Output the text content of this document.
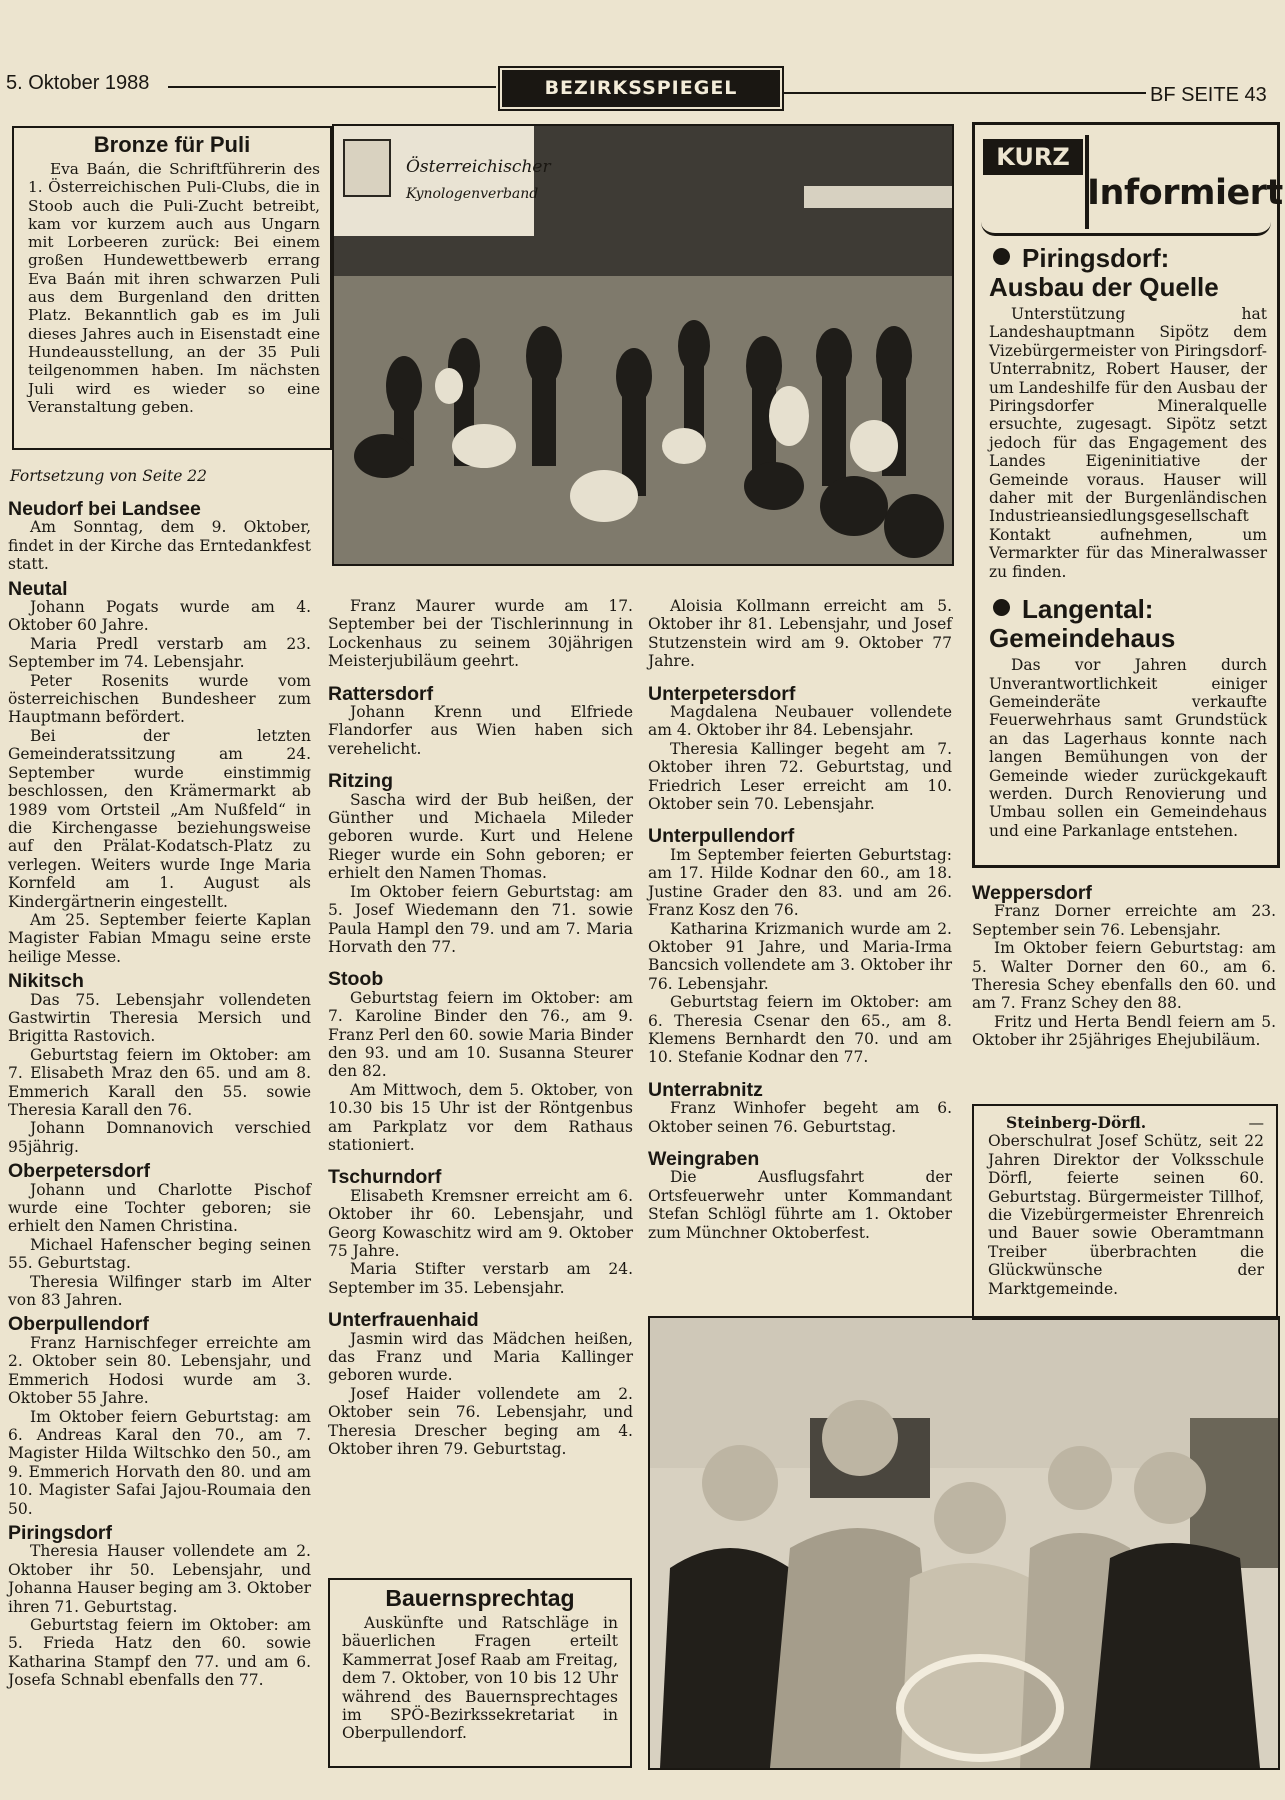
5. Oktober 1988	BEZIRKSSPIEGEL	BF SEITE 43
Bronze für Puli

Eva Baán, die Schriftführerin des 1. Österreichischen Puli-Clubs, die in Stoob auch die Puli-Zucht betreibt, kam vor kurzem auch aus Ungarn mit Lorbeeren zurück: Bei einem großen Hundewettbewerb errang Eva Baán mit ihren schwarzen Puli aus dem Burgenland den dritten Platz. Bekanntlich gab es im Juli dieses Jahres auch in Eisenstadt eine Hundeausstellung, an der 35 Puli teilgenommen haben. Im nächsten Juli wird es wieder so eine Veranstaltung geben.

Österreichischer
Kynologenverband
Fortsetzung von Seite 22
Neudorf bei Landsee

Am Sonntag, dem 9. Oktober, findet in der Kirche das Erntedankfest statt.

Neutal

Johann Pogats wurde am 4. Oktober 60 Jahre.

Maria Predl verstarb am 23. September im 74. Lebensjahr.

Peter Rosenits wurde vom österreichischen Bundesheer zum Hauptmann befördert.

Bei der letzten Gemeinderatssitzung am 24. September wurde einstimmig beschlossen, den Krämermarkt ab 1989 vom Ortsteil „Am Nußfeld“ in die Kirchengasse beziehungsweise auf den Prälat-Kodatsch-Platz zu verlegen. Weiters wurde Inge Maria Kornfeld am 1. August als Kindergärtnerin eingestellt.

Am 25. September feierte Kaplan Magister Fabian Mmagu seine erste heilige Messe.

Nikitsch

Das 75. Lebensjahr vollendeten Gastwirtin Theresia Mersich und Brigitta Rastovich.

Geburtstag feiern im Oktober: am 7. Elisabeth Mraz den 65. und am 8. Emmerich Karall den 55. sowie Theresia Karall den 76.

Johann Domnanovich verschied 95jährig.

Oberpetersdorf

Johann und Charlotte Pischof wurde eine Tochter geboren; sie erhielt den Namen Christina.

Michael Hafenscher beging seinen 55. Geburtstag.

Theresia Wilfinger starb im Alter von 83 Jahren.

Oberpullendorf

Franz Harnischfeger erreichte am 2. Oktober sein 80. Lebensjahr, und Emmerich Hodosi wurde am 3. Oktober 55 Jahre.

Im Oktober feiern Geburtstag: am 6. Andreas Karal den 70., am 7. Magister Hilda Wiltschko den 50., am 9. Emmerich Horvath den 80. und am 10. Magister Safai Jajou-Roumaia den 50.

Piringsdorf

Theresia Hauser vollendete am 2. Oktober ihr 50. Lebensjahr, und Johanna Hauser beging am 3. Oktober ihren 71. Geburtstag.

Geburtstag feiern im Oktober: am 5. Frieda Hatz den 60. sowie Katharina Stampf den 77. und am 6. Josefa Schnabl ebenfalls den 77.

Franz Maurer wurde am 17. September bei der Tischlerinnung in Lockenhaus zu seinem 30jährigen Meisterjubiläum geehrt.

Rattersdorf

Johann Krenn und Elfriede Flandorfer aus Wien haben sich verehelicht.

Ritzing

Sascha wird der Bub heißen, der Günther und Michaela Mileder geboren wurde. Kurt und Helene Rieger wurde ein Sohn geboren; er erhielt den Namen Thomas.

Im Oktober feiern Geburtstag: am 5. Josef Wiedemann den 71. sowie Paula Hampl den 79. und am 7. Maria Horvath den 77.

Stoob

Geburtstag feiern im Oktober: am 7. Karoline Binder den 76., am 9. Franz Perl den 60. sowie Maria Binder den 93. und am 10. Susanna Steurer den 82.

Am Mittwoch, dem 5. Oktober, von 10.30 bis 15 Uhr ist der Röntgenbus am Parkplatz vor dem Rathaus stationiert.

Tschurndorf

Elisabeth Kremsner erreicht am 6. Oktober ihr 60. Lebensjahr, und Georg Kowaschitz wird am 9. Oktober 75 Jahre.

Maria Stifter verstarb am 24. September im 35. Lebensjahr.

Unterfrauenhaid

Jasmin wird das Mädchen heißen, das Franz und Maria Kallinger geboren wurde.

Josef Haider vollendete am 2. Oktober sein 76. Lebensjahr, und Theresia Drescher beging am 4. Oktober ihren 79. Geburtstag.

Bauernsprechtag

Auskünfte und Ratschläge in bäuerlichen Fragen erteilt Kammerrat Josef Raab am Freitag, dem 7. Oktober, von 10 bis 12 Uhr während des Bauernsprechtages im SPÖ-Bezirkssekretariat in Oberpullendorf.

Aloisia Kollmann erreicht am 5. Oktober ihr 81. Lebensjahr, und Josef Stutzenstein wird am 9. Oktober 77 Jahre.

Unterpetersdorf

Magdalena Neubauer vollendete am 4. Oktober ihr 84. Lebensjahr.

Theresia Kallinger begeht am 7. Oktober ihren 72. Geburtstag, und Friedrich Leser erreicht am 10. Oktober sein 70. Lebensjahr.

Unterpullendorf

Im September feierten Geburtstag: am 17. Hilde Kodnar den 60., am 18. Justine Grader den 83. und am 26. Franz Kosz den 76.

Katharina Krizmanich wurde am 2. Oktober 91 Jahre, und Maria-Irma Bancsich vollendete am 3. Oktober ihr 76. Lebensjahr.

Geburtstag feiern im Oktober: am 6. Theresia Csenar den 65., am 8. Klemens Bernhardt den 70. und am 10. Stefanie Kodnar den 77.

Unterrabnitz

Franz Winhofer begeht am 6. Oktober seinen 76. Geburtstag.

Weingraben

Die Ausflugsfahrt der Ortsfeuerwehr unter Kommandant Stefan Schlögl führte am 1. Oktober zum Münchner Oktoberfest.

KURZ
Informiert

Piringsdorf:

Ausbau der Quelle

Unterstützung hat Landeshauptmann Sipötz dem Vizebürgermeister von Piringsdorf-Unterrabnitz, Robert Hauser, der um Landeshilfe für den Ausbau der Piringsdorfer Mineralquelle ersuchte, zugesagt. Sipötz setzt jedoch für das Engagement des Landes Eigeninitiative der Gemeinde voraus. Hauser will daher mit der Burgenländischen Industrieansiedlungsgesellschaft Kontakt aufnehmen, um Vermarkter für das Mineralwasser zu finden.

Langental:

Gemeindehaus

Das vor Jahren durch Unverantwortlichkeit einiger Gemeinderäte verkaufte Feuerwehrhaus samt Grundstück an das Lagerhaus konnte nach langen Bemühungen von der Gemeinde wieder zurückgekauft werden. Durch Renovierung und Umbau sollen ein Gemeindehaus und eine Parkanlage entstehen.

Weppersdorf

Franz Dorner erreichte am 23. September sein 76. Lebensjahr.

Im Oktober feiern Geburtstag: am 5. Walter Dorner den 60., am 6. Theresia Schey ebenfalls den 60. und am 7. Franz Schey den 88.

Fritz und Herta Bendl feiern am 5. Oktober ihr 25jähriges Ehejubiläum.

Steinberg-Dörfl.	— Oberschulrat Josef Schütz, seit 22 Jahren Direktor der Volksschule Dörfl, feierte seinen 60. Geburtstag. Bürgermeister Tillhof, die Vizebürgermeister Ehrenreich und Bauer sowie Oberamtmann Treiber überbrachten die Glückwünsche der Marktgemeinde.
